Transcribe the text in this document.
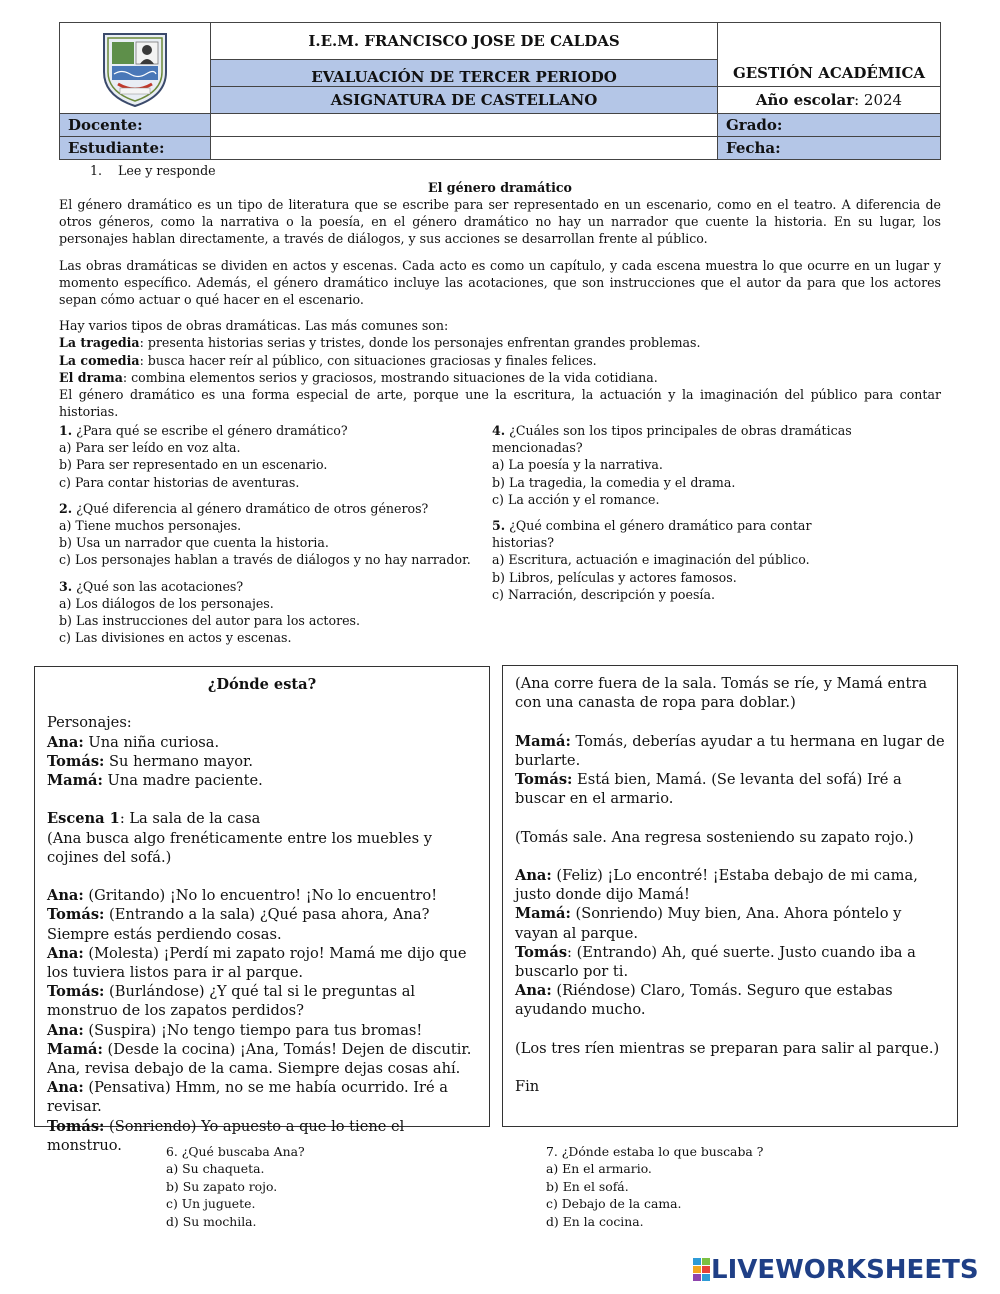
	I.E.M. FRANCISCO JOSE DE CALDAS	GESTIÓN ACADÉMICA
	EVALUACIÓN DE TERCER PERIODO	
	ASIGNATURA DE CASTELLANO	Año escolar: 2024
Docente:		Grado:
Estudiante:		Fecha:
1.    Lee y responde
El género dramático

El género dramático es un tipo de literatura que se escribe para ser representado en un escenario, como en el teatro. A diferencia de otros géneros, como la narrativa o la poesía, en el género dramático no hay un narrador que cuente la historia. En su lugar, los personajes hablan directamente, a través de diálogos, y sus acciones se desarrollan frente al público.

Las obras dramáticas se dividen en actos y escenas. Cada acto es como un capítulo, y cada escena muestra lo que ocurre en un lugar y momento específico. Además, el género dramático incluye las acotaciones, que son instrucciones que el autor da para que los actores sepan cómo actuar o qué hacer en el escenario.

Hay varios tipos de obras dramáticas. Las más comunes son:

La tragedia: presenta historias serias y tristes, donde los personajes enfrentan grandes problemas.

La comedia: busca hacer reír al público, con situaciones graciosas y finales felices.

El drama: combina elementos serios y graciosos, mostrando situaciones de la vida cotidiana.

El género dramático es una forma especial de arte, porque une la escritura, la actuación y la imaginación del público para contar historias.

1. ¿Para qué se escribe el género dramático?

a) Para ser leído en voz alta.

b) Para ser representado en un escenario.

c) Para contar historias de aventuras.

2. ¿Qué diferencia al género dramático de otros géneros?

a) Tiene muchos personajes.

b) Usa un narrador que cuenta la historia.

c) Los personajes hablan a través de diálogos y no hay narrador.

3. ¿Qué son las acotaciones?

a) Los diálogos de los personajes.

b) Las instrucciones del autor para los actores.

c) Las divisiones en actos y escenas.

4. ¿Cuáles son los tipos principales de obras dramáticas mencionadas?

a) La poesía y la narrativa.

b) La tragedia, la comedia y el drama.

c) La acción y el romance.

5. ¿Qué combina el género dramático para contar historias?

a) Escritura, actuación e imaginación del público.

b) Libros, películas y actores famosos.

c) Narración, descripción y poesía.

¿Dónde esta?

Personajes:

Ana: Una niña curiosa.

Tomás: Su hermano mayor.

Mamá: Una madre paciente.

Escena 1: La sala de la casa

(Ana busca algo frenéticamente entre los muebles y cojines del sofá.)

Ana: (Gritando) ¡No lo encuentro! ¡No lo encuentro!

Tomás: (Entrando a la sala) ¿Qué pasa ahora, Ana? Siempre estás perdiendo cosas.

Ana: (Molesta) ¡Perdí mi zapato rojo! Mamá me dijo que los tuviera listos para ir al parque.

Tomás: (Burlándose) ¿Y qué tal si le preguntas al monstruo de los zapatos perdidos?

Ana: (Suspira) ¡No tengo tiempo para tus bromas!

Mamá: (Desde la cocina) ¡Ana, Tomás! Dejen de discutir. Ana, revisa debajo de la cama. Siempre dejas cosas ahí.

Ana: (Pensativa) Hmm, no se me había ocurrido. Iré a revisar.

Tomás: (Sonriendo) Yo apuesto a que lo tiene el monstruo.

(Ana corre fuera de la sala. Tomás se ríe, y Mamá entra con una canasta de ropa para doblar.)

Mamá: Tomás, deberías ayudar a tu hermana en lugar de burlarte.

Tomás: Está bien, Mamá. (Se levanta del sofá) Iré a buscar en el armario.

(Tomás sale. Ana regresa sosteniendo su zapato rojo.)

Ana: (Feliz) ¡Lo encontré! ¡Estaba debajo de mi cama, justo donde dijo Mamá!

Mamá: (Sonriendo) Muy bien, Ana. Ahora póntelo y vayan al parque.

Tomás: (Entrando) Ah, qué suerte. Justo cuando iba a buscarlo por ti.

Ana: (Riéndose) Claro, Tomás. Seguro que estabas ayudando mucho.

(Los tres ríen mientras se preparan para salir al parque.)

Fin

6. ¿Qué buscaba Ana?

a) Su chaqueta.

b) Su zapato rojo.

c) Un juguete.

d) Su mochila.

7. ¿Dónde estaba lo que buscaba ?

a) En el armario.

b) En el sofá.

c) Debajo de la cama.

d) En la cocina.

LIVEWORKSHEETS
